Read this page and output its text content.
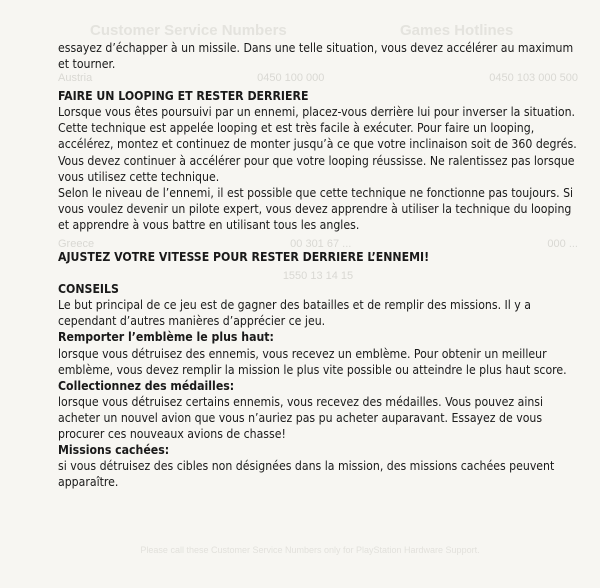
Customer Service Numbers	Games Hotlines
Austria	0450 100 000	0450 103 000 500
Greece	00 301 67 ...	000 ...
1550 13 14 15
Please call these Customer Service Numbers only for PlayStation Hardware Support.

essayez d’échapper à un missile. Dans une telle situation, vous devez accélérer au maximum et tourner.

FAIRE UN LOOPING ET RESTER DERRIERE

Lorsque vous êtes poursuivi par un ennemi, placez-vous derrière lui pour inverser la situation. Cette technique est appelée looping et est très facile à exécuter. Pour faire un looping, accélérez, montez et continuez de monter jusqu’à ce que votre inclinaison soit de 360 degrés. Vous devez continuer à accélérer pour que votre looping réussisse. Ne ralentissez pas lorsque vous utilisez cette technique.

Selon le niveau de l’ennemi, il est possible que cette technique ne fonctionne pas toujours. Si vous voulez devenir un pilote expert, vous devez apprendre à utiliser la technique du looping et apprendre à vous battre en utilisant tous les angles.

AJUSTEZ VOTRE VITESSE POUR RESTER DERRIERE L’ENNEMI!

CONSEILS

Le but principal de ce jeu est de gagner des batailles et de remplir des missions. Il y a cependant d’autres manières d’apprécier ce jeu.

Remporter l’emblème le plus haut:

lorsque vous détruisez des ennemis, vous recevez un emblème. Pour obtenir un meilleur emblème, vous devez remplir la mission le plus vite possible ou atteindre le plus haut score.

Collectionnez des médailles:

lorsque vous détruisez certains ennemis, vous recevez des médailles. Vous pouvez ainsi acheter un nouvel avion que vous n’auriez pas pu acheter auparavant. Essayez de vous procurer ces nouveaux avions de chasse!

Missions cachées:

si vous détruisez des cibles non désignées dans la mission, des missions cachées peuvent apparaître.
